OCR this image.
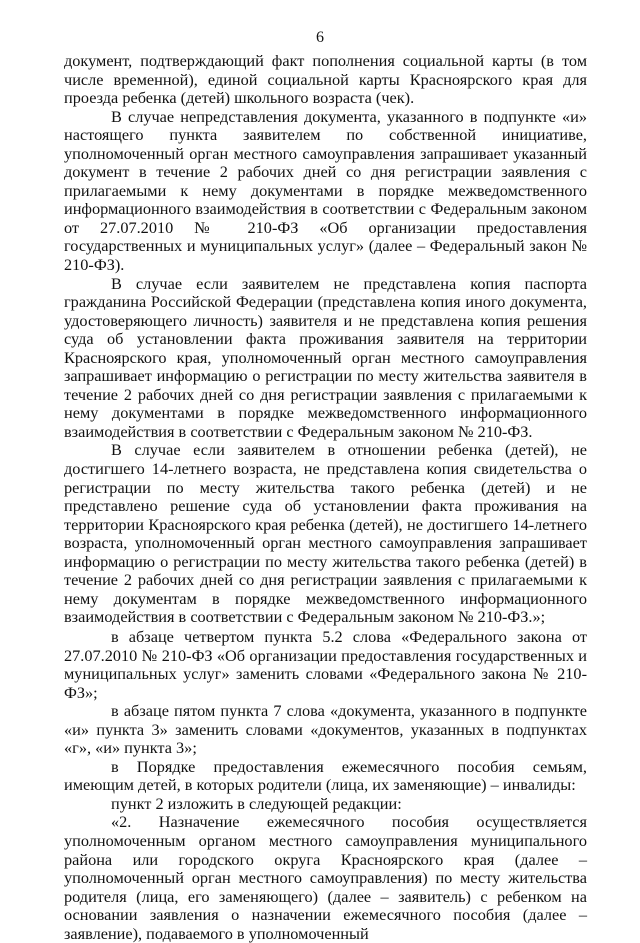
6

документ, подтверждающий факт пополнения социальной карты (в том числе временной), единой социальной карты Красноярского края для проезда ребенка (детей) школьного возраста (чек).

В случае непредставления документа, указанного в подпункте «и» настоящего пункта заявителем по собственной инициативе, уполномоченный орган местного самоуправления запрашивает указанный документ в течение 2 рабочих дней со дня регистрации заявления с прилагаемыми к нему документами в порядке межведомственного информационного взаимодействия в соответствии с Федеральным законом от 27.07.2010 № 210-ФЗ «Об организации предоставления государственных и муниципальных услуг» (далее – Федеральный закон № 210-ФЗ).

В случае если заявителем не представлена копия паспорта гражданина Российской Федерации (представлена копия иного документа, удостоверяющего личность) заявителя и не представлена копия решения суда об установлении факта проживания заявителя на территории Красноярского края, уполномоченный орган местного самоуправления запрашивает информацию о регистрации по месту жительства заявителя в течение 2 рабочих дней со дня регистрации заявления с прилагаемыми к нему документами в порядке межведомственного информационного взаимодействия в соответствии с Федеральным законом № 210-ФЗ.

В случае если заявителем в отношении ребенка (детей), не достигшего 14-летнего возраста, не представлена копия свидетельства о регистрации по месту жительства такого ребенка (детей) и не представлено решение суда об установлении факта проживания на территории Красноярского края ребенка (детей), не достигшего 14-летнего возраста, уполномоченный орган местного самоуправления запрашивает информацию о регистрации по месту жительства такого ребенка (детей) в течение 2 рабочих дней со дня регистрации заявления с прилагаемыми к нему документам в порядке межведомственного информационного взаимодействия в соответствии с Федеральным законом № 210-ФЗ.»;

в абзаце четвертом пункта 5.2 слова «Федерального закона от 27.07.2010 № 210-ФЗ «Об организации предоставления государственных и муниципальных услуг» заменить словами «Федерального закона № 210-ФЗ»;

в абзаце пятом пункта 7 слова «документа, указанного в подпункте «и» пункта 3» заменить словами «документов, указанных в подпунктах «г», «и» пункта 3»;

в Порядке предоставления ежемесячного пособия семьям, имеющим детей, в которых родители (лица, их заменяющие) – инвалиды:

пункт 2 изложить в следующей редакции:

«2. Назначение ежемесячного пособия осуществляется уполномоченным органом местного самоуправления муниципального района или городского округа Красноярского края (далее – уполномоченный орган местного самоуправления) по месту жительства родителя (лица, его заменяющего) (далее – заявитель) с ребенком на основании заявления о назначении ежемесячного пособия (далее – заявление), подаваемого в уполномоченный
